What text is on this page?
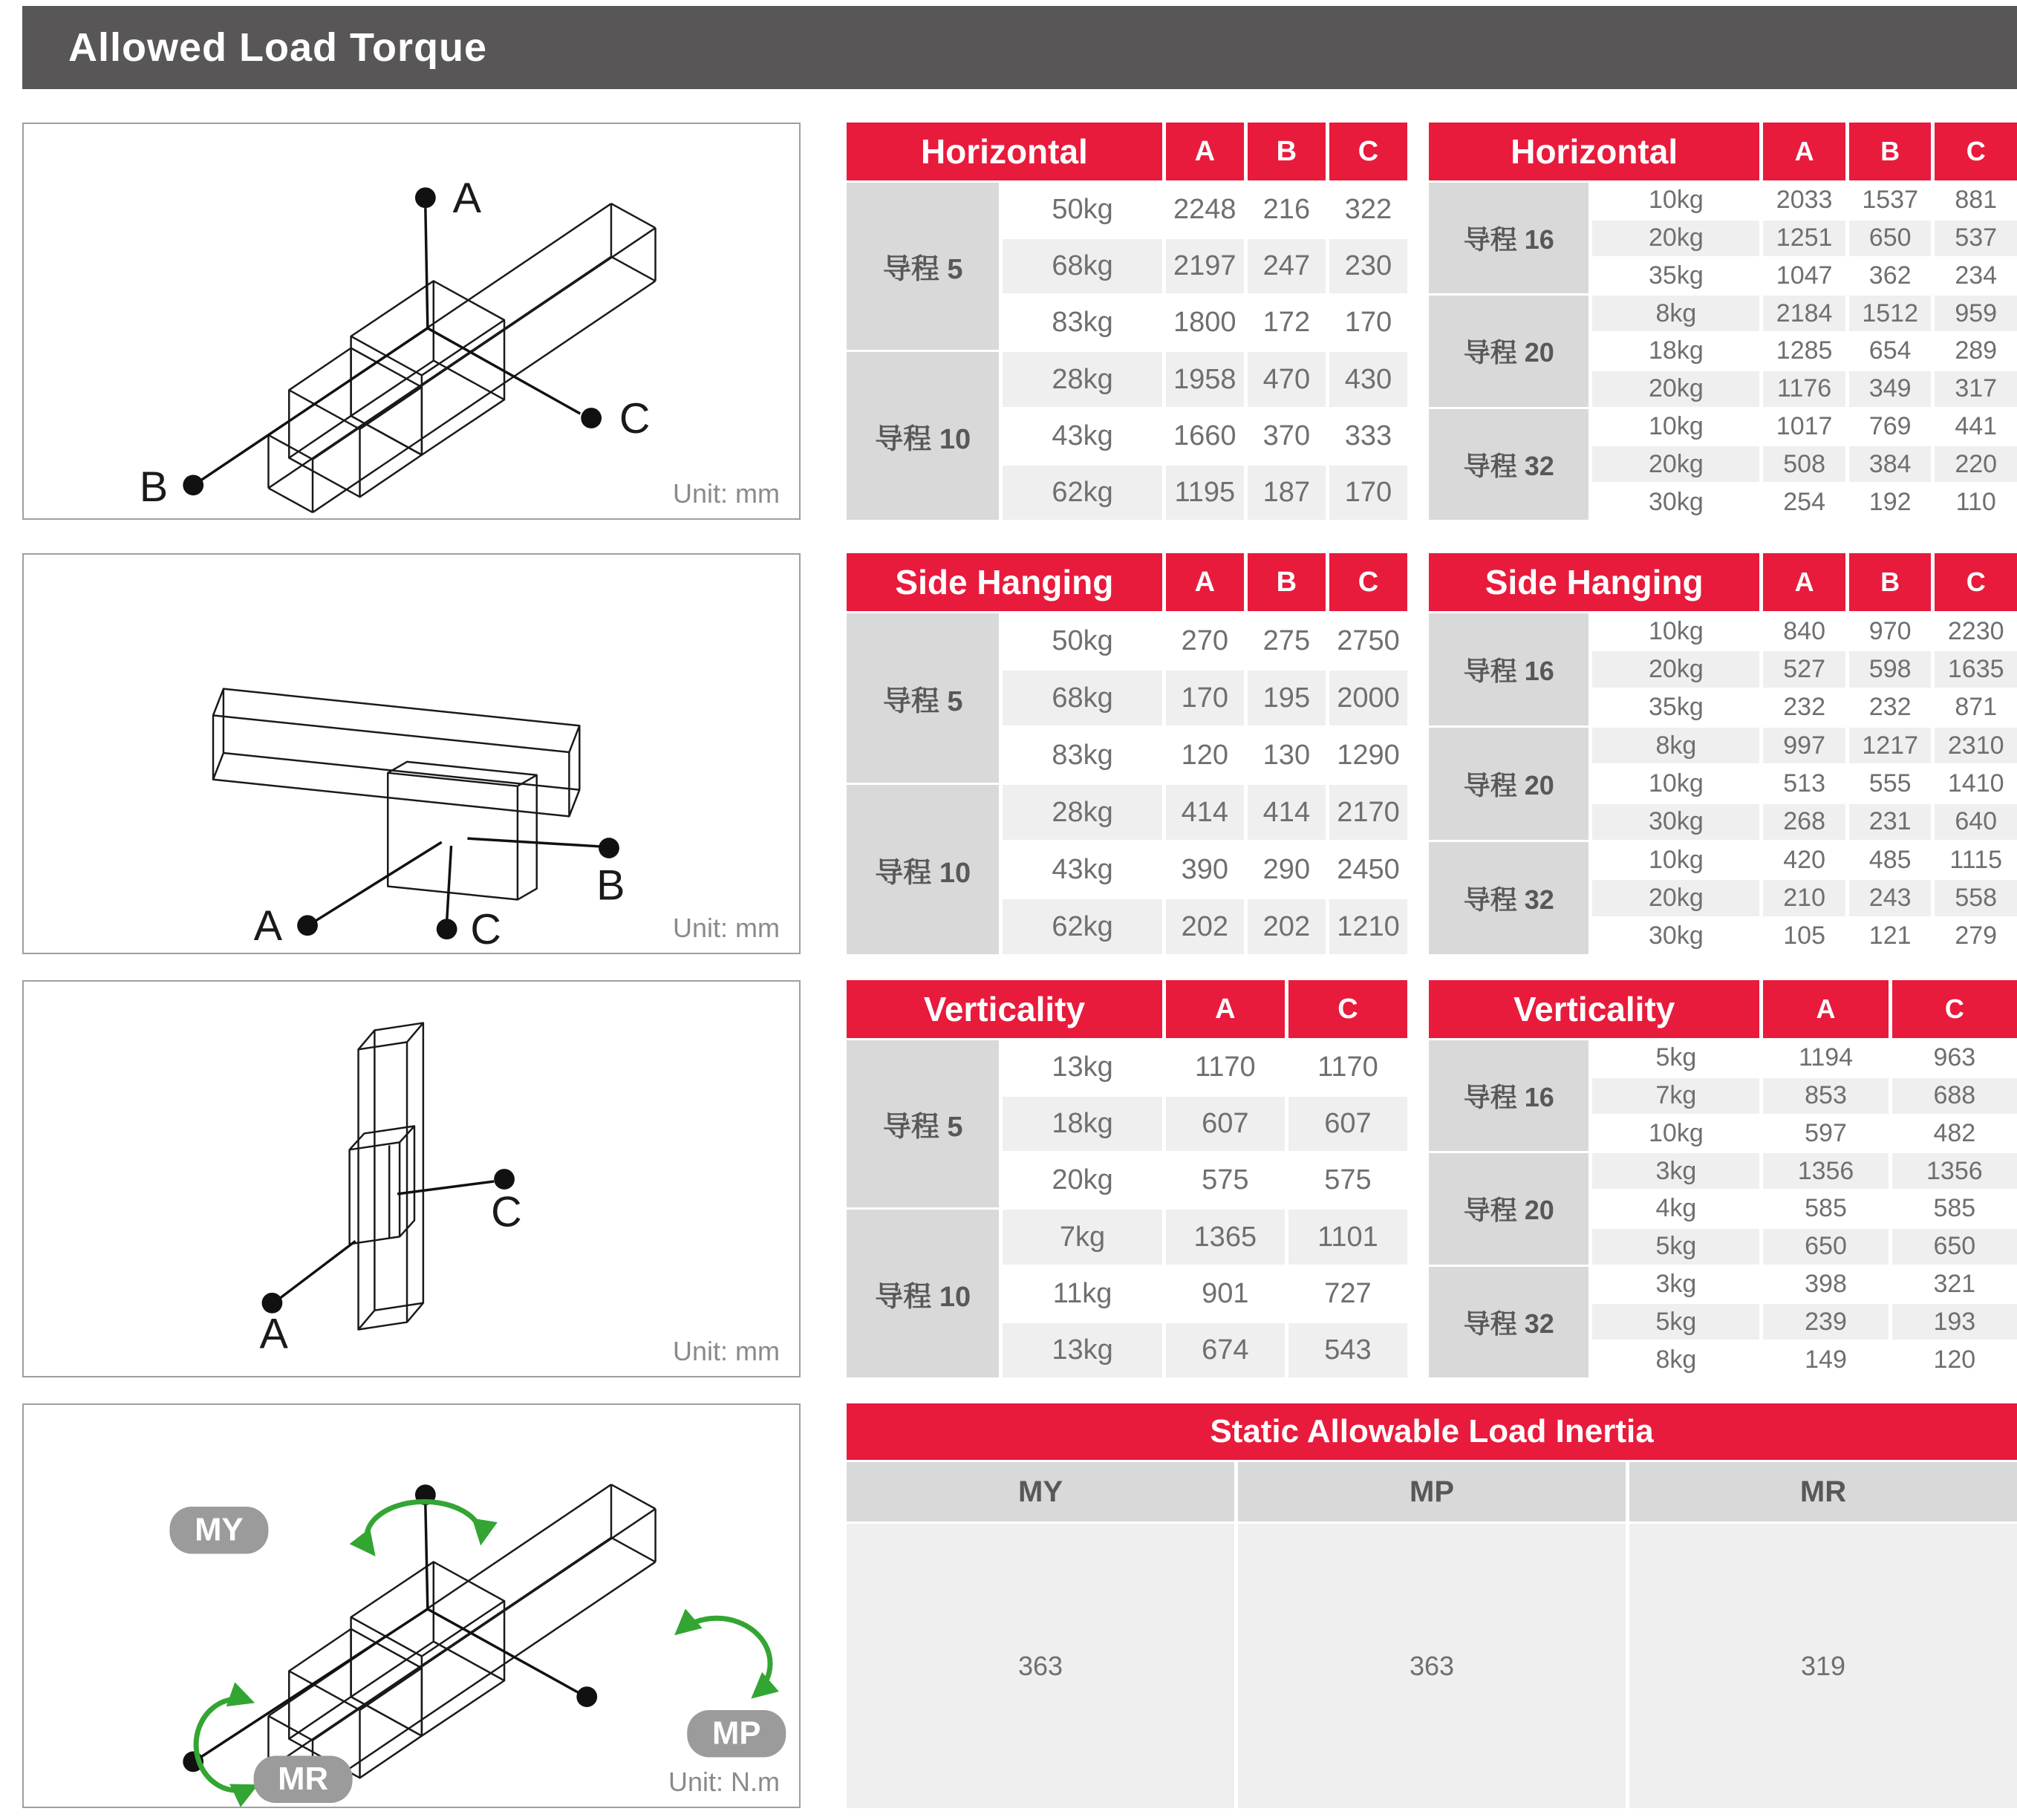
Allowed Load Torque
A
B
C
Unit: mm
A
B
C	Unit: mm
A
C
Unit: mm
MY
MP
MR	Unit: N.m
Horizontal	A	B	C
导程 5
50kg	2248 216	322
68kg	2197 247	230
83kg	1800 172	170
导程 10
28kg	1958 470	430
43kg	1660 370	333
62kg	1195 187	170
Horizontal	A	B	C
导程 16
10kg	2033	1537	881
20kg	1251	650	537
35kg	1047	362	234
导程 20
8kg	2184	1512	959
18kg	1285	654	289
20kg	1176	349	317
导程 32
10kg	1017	769	441
20kg	508	384	220
30kg	254	192	110
Side Hanging	A	B	C
导程 5
50kg	270	275 2750
68kg	170	195 2000
83kg	120	130 1290
导程 10
28kg	414	414 2170
43kg	390	290 2450
62kg	202	202 1210
Side Hanging	A	B	C
导程 16
10kg	840	970	2230
20kg	527	598	1635
35kg	232	232	871
导程 20
8kg	997	1217	2310
10kg	513	555	1410
30kg	268	231	640
导程 32
10kg	420	485	1115
20kg	210	243	558
30kg	105	121	279
Verticality	A	C
导程 5
13kg	1170	1170
18kg	607	607
20kg	575	575
导程 10
7kg	1365	1101
11kg	901	727
13kg	674	543
Verticality	A	C
导程 16
5kg	1194	963
7kg	853	688
10kg	597	482
导程 20
3kg	1356	1356
4kg	585	585
5kg	650	650
导程 32
3kg	398	321
5kg	239	193
8kg	149	120
Static Allowable Load Inertia
MY	MP	MR
363	363	319
